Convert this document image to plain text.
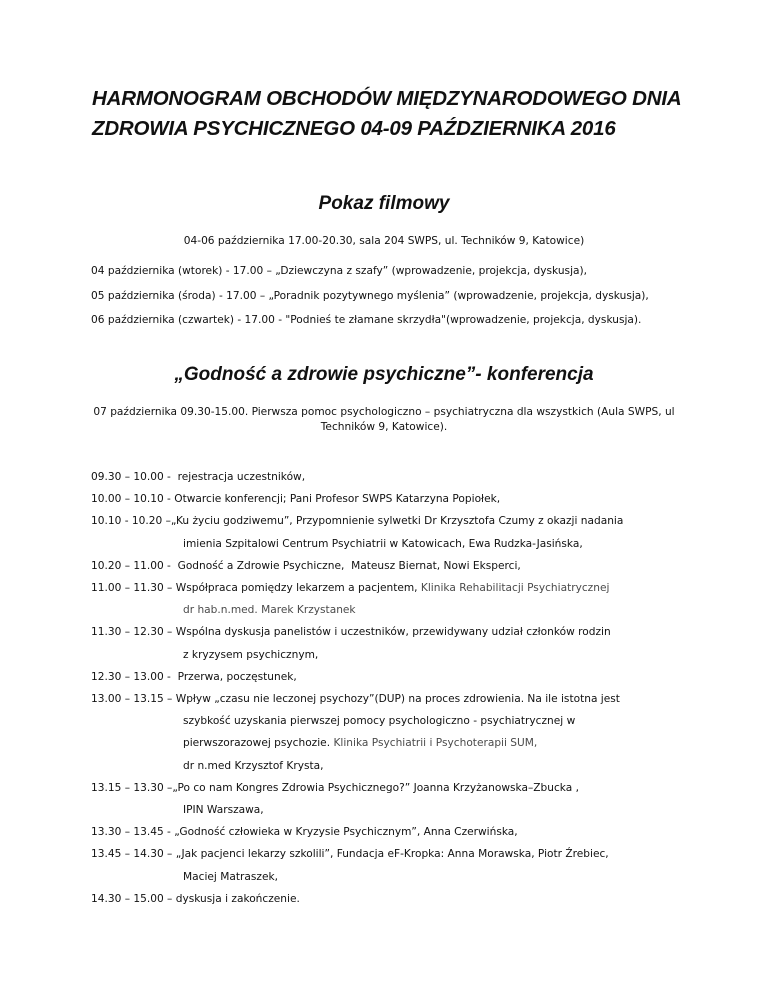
HARMONOGRAM OBCHODÓW MIĘDZYNARODOWEGO DNIA
ZDROWIA PSYCHICZNEGO 04-09 PAŹDZIERNIKA 2016
Pokaz filmowy
04-06 października 17.00-20.30, sala 204 SWPS, ul. Techników 9, Katowice)
04 października (wtorek) - 17.00 – „Dziewczyna z szafy” (wprowadzenie, projekcja, dyskusja),
05 października (środa) - 17.00 – „Poradnik pozytywnego myślenia” (wprowadzenie, projekcja, dyskusja),
06 października (czwartek) - 17.00 - "Podnieś te złamane skrzydła"(wprowadzenie, projekcja, dyskusja).
„Godność a zdrowie psychiczne”- konferencja
07 października 09.30-15.00. Pierwsza pomoc psychologiczno – psychiatryczna dla wszystkich (Aula SWPS, ul
Techników 9, Katowice).
09.30 – 10.00 -  rejestracja uczestników,
10.00 – 10.10 - Otwarcie konferencji; Pani Profesor SWPS Katarzyna Popiołek,
10.10 - 10.20 –„Ku życiu godziwemu”, Przypomnienie sylwetki Dr Krzysztofa Czumy z okazji nadania
imienia Szpitalowi Centrum Psychiatrii w Katowicach, Ewa Rudzka-Jasińska,
10.20 – 11.00 -  Godność a Zdrowie Psychiczne,  Mateusz Biernat, Nowi Eksperci,
11.00 – 11.30 – Współpraca pomiędzy lekarzem a pacjentem, Klinika Rehabilitacji Psychiatrycznej
dr hab.n.med. Marek Krzystanek
11.30 – 12.30 – Wspólna dyskusja panelistów i uczestników, przewidywany udział członków rodzin
z kryzysem psychicznym,
12.30 – 13.00 -  Przerwa, poczęstunek,
13.00 – 13.15 – Wpływ „czasu nie leczonej psychozy”(DUP) na proces zdrowienia. Na ile istotna jest
szybkość uzyskania pierwszej pomocy psychologiczno - psychiatrycznej w
pierwszorazowej psychozie. Klinika Psychiatrii i Psychoterapii SUM,
dr n.med Krzysztof Krysta,
13.15 – 13.30 –„Po co nam Kongres Zdrowia Psychicznego?” Joanna Krzyżanowska–Zbucka ,
IPIN Warszawa,
13.30 – 13.45 - „Godność człowieka w Kryzysie Psychicznym”, Anna Czerwińska,
13.45 – 14.30 – „Jak pacjenci lekarzy szkolili”, Fundacja eF-Kropka: Anna Morawska, Piotr Źrebiec,
Maciej Matraszek,
14.30 – 15.00 – dyskusja i zakończenie.
